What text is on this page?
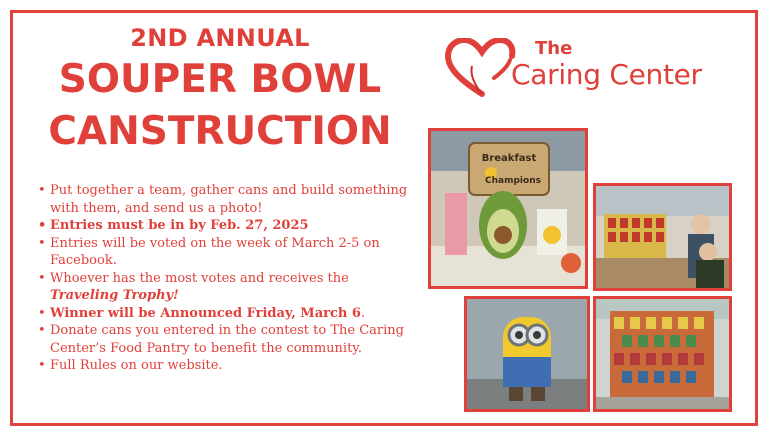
2ND ANNUAL
SOUPER BOWL
CANSTRUCTION
• Put together a team, gather cans and build something with them, and send us a photo!
• Entries must be in by Feb. 27, 2025
• Entries will be voted on the week of March 2-5 on Facebook.
• Whoever has the most votes and receives the Traveling Trophy!
• Winner will be Announced Friday, March 6.
• Donate cans you entered in the contest to The Caring Center’s Food Pantry to benefit the community.
• Full Rules on our website.
The
Caring Center
Breakfast
Champions
